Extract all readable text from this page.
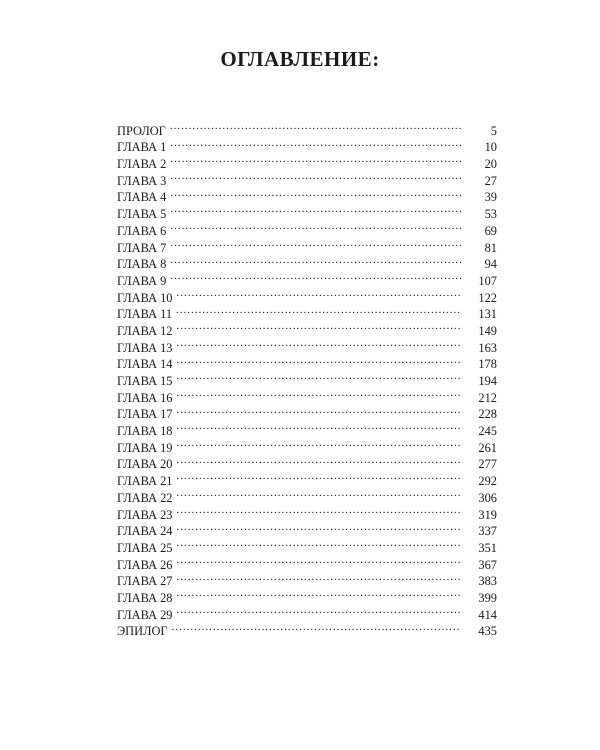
ОГЛАВЛЕНИЕ:
ПРОЛОГ .....	5
ГЛАВА 1 .....	10
ГЛАВА 2 .....	20
ГЛАВА 3 .....	27
ГЛАВА 4 .....	39
ГЛАВА 5 .....	53
ГЛАВА 6 .....	69
ГЛАВА 7 .....	81
ГЛАВА 8 .....	94
ГЛАВА 9 .....	107
ГЛАВА 10 .....	122
ГЛАВА 11 .....	131
ГЛАВА 12 .....	149
ГЛАВА 13 .....	163
ГЛАВА 14 .....	178
ГЛАВА 15 .....	194
ГЛАВА 16 .....	212
ГЛАВА 17 .....	228
ГЛАВА 18 .....	245
ГЛАВА 19 .....	261
ГЛАВА 20 .....	277
ГЛАВА 21 .....	292
ГЛАВА 22 .....	306
ГЛАВА 23 .....	319
ГЛАВА 24 .....	337
ГЛАВА 25 .....	351
ГЛАВА 26 .....	367
ГЛАВА 27 .....	383
ГЛАВА 28 .....	399
ГЛАВА 29 .....	414
ЭПИЛОГ .....	435
